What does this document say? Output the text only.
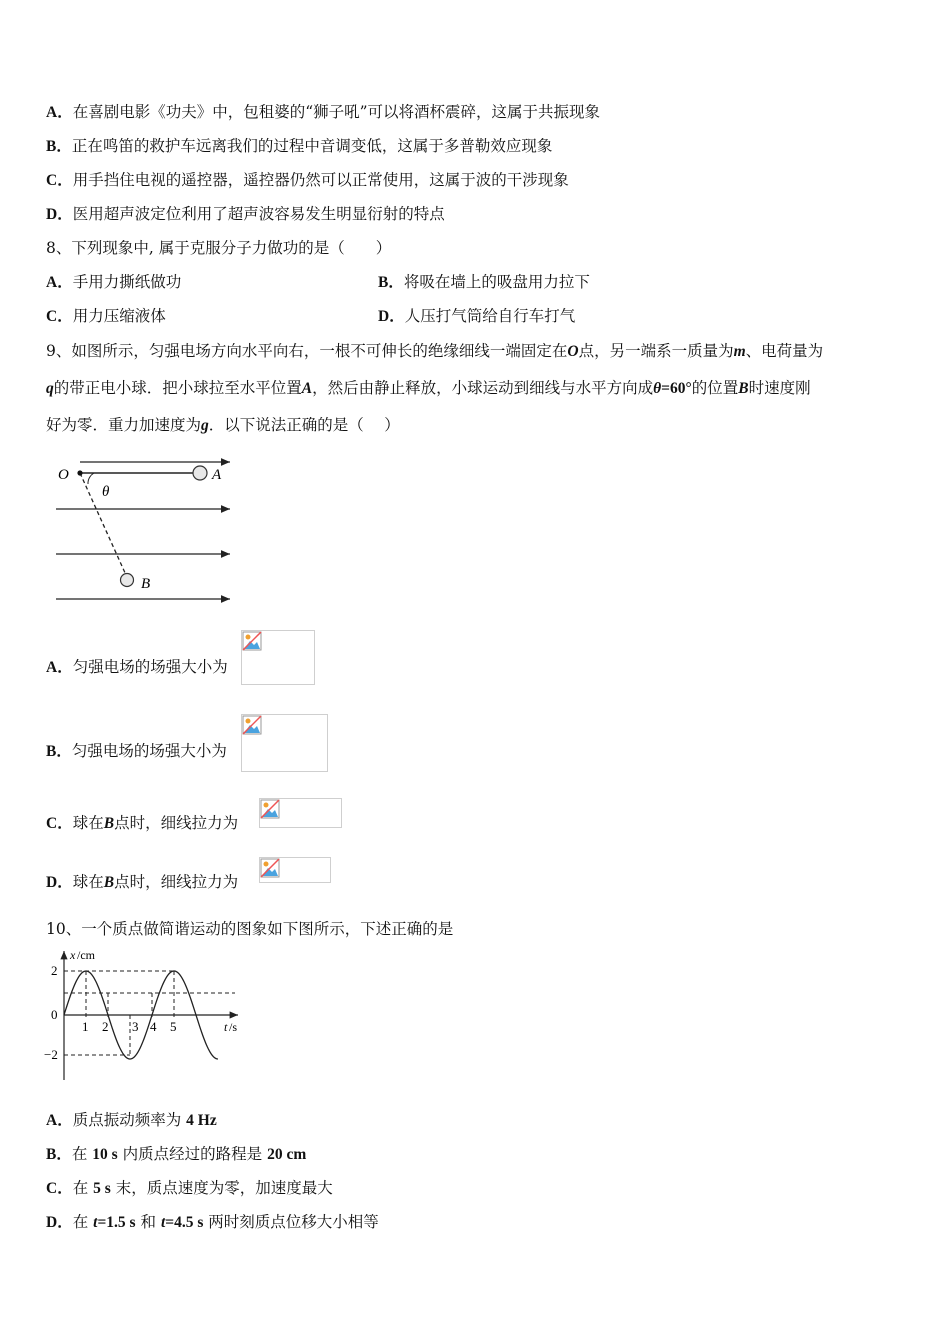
A．在喜剧电影《功夫》中，包租婆的“狮子吼”可以将酒杯震碎，这属于共振现象
B．正在鸣笛的救护车远离我们的过程中音调变低，这属于多普勒效应现象
C．用手挡住电视的遥控器，遥控器仍然可以正常使用，这属于波的干涉现象
D．医用超声波定位利用了超声波容易发生明显衍射的特点
8、下列现象中, 属于克服分子力做功的是（　　）
A．手用力撕纸做功	B．将吸在墙上的吸盘用力拉下
C．用力压缩液体	D．人压打气筒给自行车打气
9、如图所示，匀强电场方向水平向右，一根不可伸长的绝缘细线一端固定在O点，另一端系一质量为m、电荷量为
q的带正电小球．把小球拉至水平位置A，然后由静止释放，小球运动到细线与水平方向成θ=60°的位置B时速度刚
好为零．重力加速度为g．以下说法正确的是（　 ）
O	A
θ
B
A．匀强电场的场强大小为
B．匀强电场的场强大小为
C．球在B点时，细线拉力为
D．球在B点时，细线拉力为
10、一个质点做简谐运动的图象如下图所示，下述正确的是
x /cm
2
0
−2
1 2 3 4 5	t /s
A．质点振动频率为 4 Hz
B．在 10 s 内质点经过的路程是 20 cm
C．在 5 s 末，质点速度为零，加速度最大
D．在 t=1.5 s 和 t=4.5 s 两时刻质点位移大小相等
